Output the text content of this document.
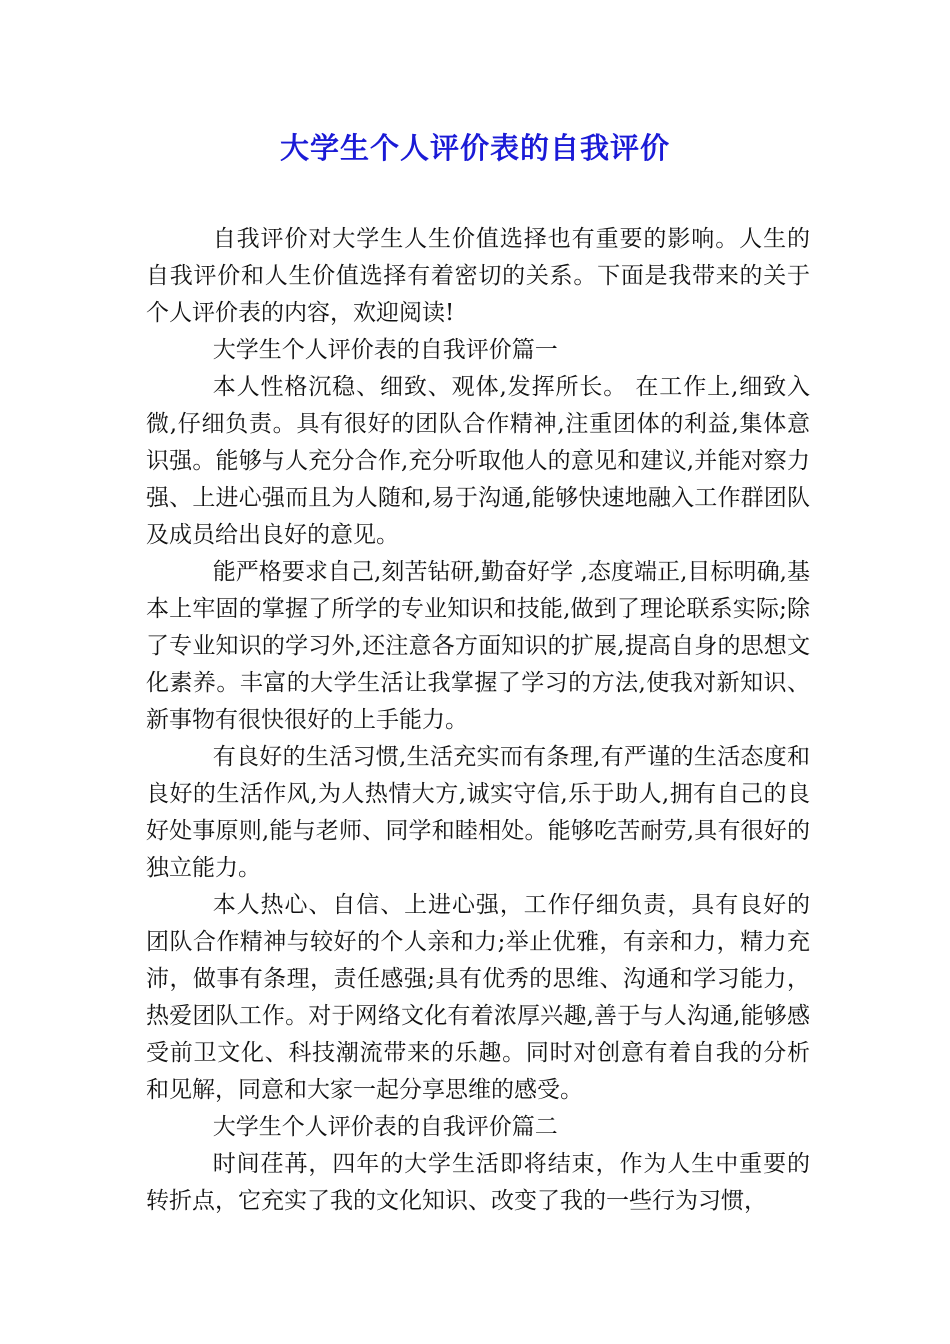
大学生个人评价表的自我评价

自我评价对大学生人生价值选择也有重要的影响。人生的自我评价和人生价值选择有着密切的关系。下面是我带来的关于个人评价表的内容，欢迎阅读!

大学生个人评价表的自我评价篇一

本人性格沉稳、细致、观体,发挥所长。 在工作上,细致入微,仔细负责。具有很好的团队合作精神,注重团体的利益,集体意识强。能够与人充分合作,充分听取他人的意见和建议,并能对察力强、上进心强而且为人随和,易于沟通,能够快速地融入工作群团队及成员给出良好的意见。

能严格要求自己,刻苦钻研,勤奋好学 ,态度端正,目标明确,基本上牢固的掌握了所学的专业知识和技能,做到了理论联系实际;除了专业知识的学习外,还注意各方面知识的扩展,提高自身的思想文化素养。丰富的大学生活让我掌握了学习的方法,使我对新知识、新事物有很快很好的上手能力。

有良好的生活习惯,生活充实而有条理,有严谨的生活态度和良好的生活作风,为人热情大方,诚实守信,乐于助人,拥有自己的良好处事原则,能与老师、同学和睦相处。能够吃苦耐劳,具有很好的独立能力。

本人热心、自信、上进心强，工作仔细负责，具有良好的团队合作精神与较好的个人亲和力;举止优雅，有亲和力，精力充沛，做事有条理，责任感强;具有优秀的思维、沟通和学习能力，热爱团队工作。对于网络文化有着浓厚兴趣,善于与人沟通,能够感受前卫文化、科技潮流带来的乐趣。同时对创意有着自我的分析和见解，同意和大家一起分享思维的感受。

大学生个人评价表的自我评价篇二

时间荏苒，四年的大学生活即将结束，作为人生中重要的转折点，它充实了我的文化知识、改变了我的一些行为习惯，
